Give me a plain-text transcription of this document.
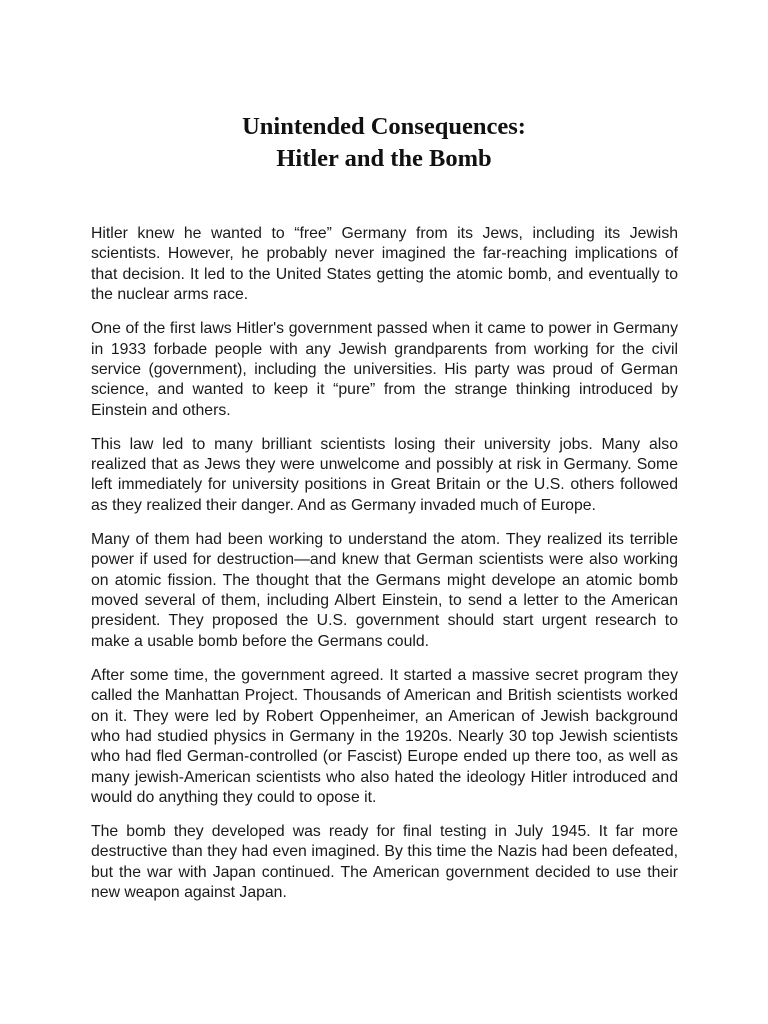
Unintended Consequences:
Hitler and the Bomb

Hitler knew he wanted to “free” Germany from its Jews, including its Jewish scientists. However, he probably never imagined the far-reaching implications of that decision. It led to the United States getting the atomic bomb, and eventually to the nuclear arms race.

One of the first laws Hitler's government passed when it came to power in Germany in 1933 forbade people with any Jewish grandparents from working for the civil service (government), including the universities. His party was proud of German science, and wanted to keep it “pure” from the strange thinking introduced by Einstein and others.

This law led to many brilliant scientists losing their university jobs. Many also realized that as Jews they were unwelcome and possibly at risk in Germany. Some left immediately for university positions in Great Britain or the U.S. others followed as they realized their danger. And as Germany invaded much of Europe.

Many of them had been working to understand the atom. They realized its terrible power if used for destruction—and knew that German scientists were also working on atomic fission. The thought that the Germans might develope an atomic bomb moved several of them, including Albert Einstein, to send a letter to the American president. They proposed the U.S. government should start urgent research to make a usable bomb before the Germans could.

After some time, the government agreed. It started a massive secret program they called the Manhattan Project. Thousands of American and British scientists worked on it. They were led by Robert Oppenheimer, an American of Jewish background who had studied physics in Germany in the 1920s. Nearly 30 top Jewish scientists who had fled German-controlled (or Fascist) Europe ended up there too, as well as many jewish-American scientists who also hated the ideology Hitler introduced and would do anything they could to opose it.

The bomb they developed was ready for final testing in July 1945. It far more destructive than they had even imagined. By this time the Nazis had been defeated, but the war with Japan continued. The American government decided to use their new weapon against Japan.
